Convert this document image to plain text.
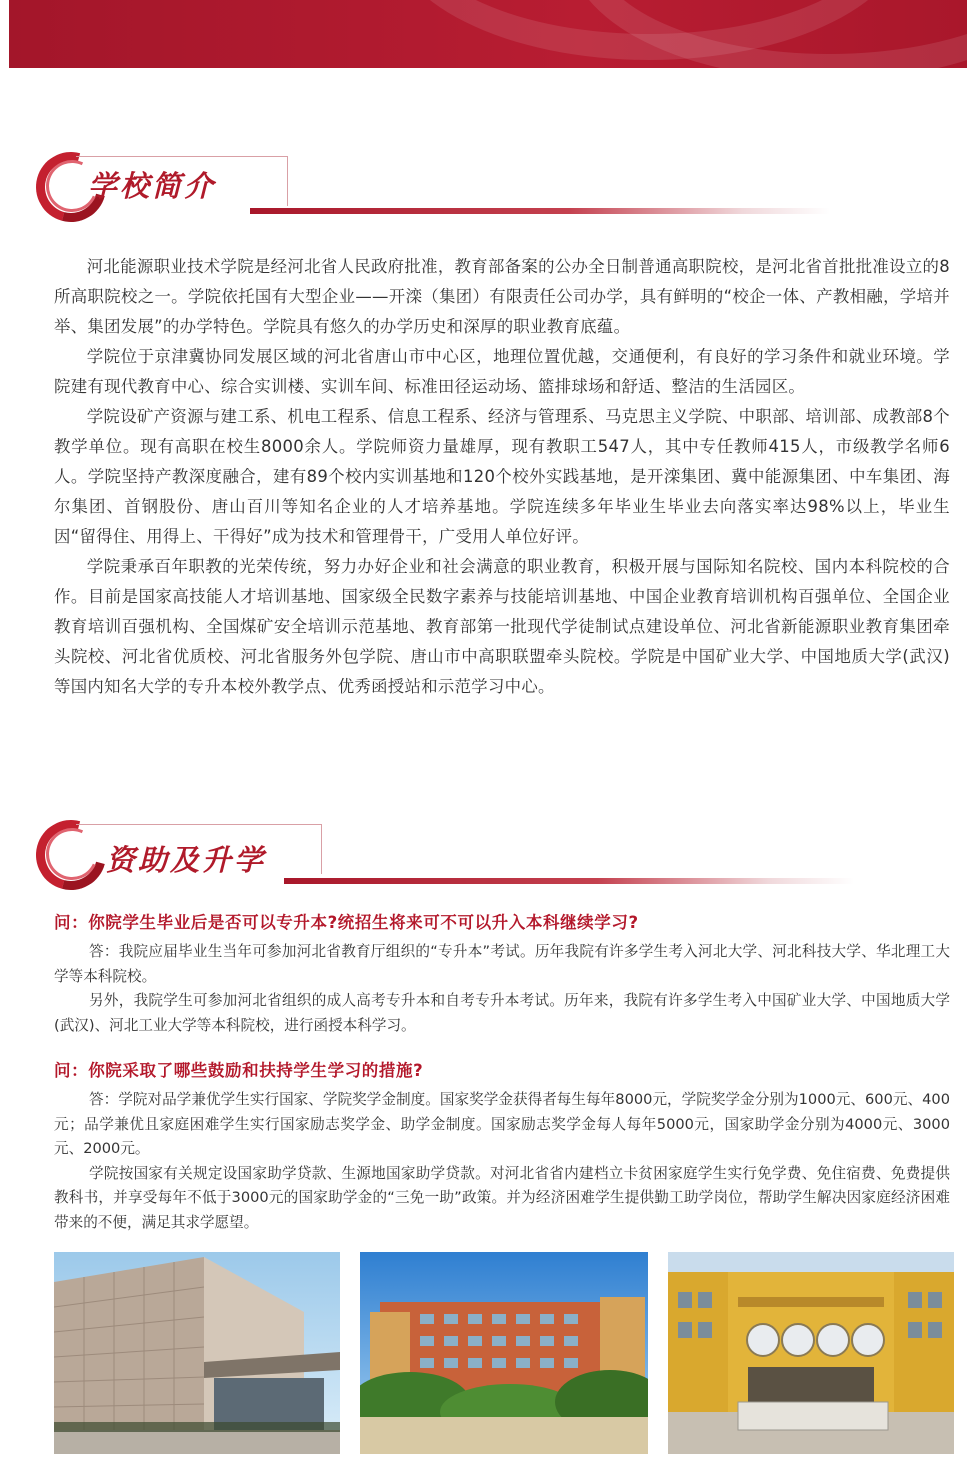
学校简介

河北能源职业技术学院是经河北省人民政府批准，教育部备案的公办全日制普通高职院校，是河北省首批批准设立的8所高职院校之一。学院依托国有大型企业——开滦（集团）有限责任公司办学，具有鲜明的“校企一体、产教相融，学培并举、集团发展”的办学特色。学院具有悠久的办学历史和深厚的职业教育底蕴。

学院位于京津冀协同发展区域的河北省唐山市中心区，地理位置优越，交通便利，有良好的学习条件和就业环境。学院建有现代教育中心、综合实训楼、实训车间、标准田径运动场、篮排球场和舒适、整洁的生活园区。

学院设矿产资源与建工系、机电工程系、信息工程系、经济与管理系、马克思主义学院、中职部、培训部、成教部8个教学单位。现有高职在校生8000余人。学院师资力量雄厚，现有教职工547人，其中专任教师415人，市级教学名师6人。学院坚持产教深度融合，建有89个校内实训基地和120个校外实践基地，是开滦集团、冀中能源集团、中车集团、海尔集团、首钢股份、唐山百川等知名企业的人才培养基地。学院连续多年毕业生毕业去向落实率达98%以上，毕业生因“留得住、用得上、干得好”成为技术和管理骨干，广受用人单位好评。

学院秉承百年职教的光荣传统，努力办好企业和社会满意的职业教育，积极开展与国际知名院校、国内本科院校的合作。目前是国家高技能人才培训基地、国家级全民数字素养与技能培训基地、中国企业教育培训机构百强单位、全国企业教育培训百强机构、全国煤矿安全培训示范基地、教育部第一批现代学徒制试点建设单位、河北省新能源职业教育集团牵头院校、河北省优质校、河北省服务外包学院、唐山市中高职联盟牵头院校。学院是中国矿业大学、中国地质大学(武汉)等国内知名大学的专升本校外教学点、优秀函授站和示范学习中心。

资助及升学
问：你院学生毕业后是否可以专升本?统招生将来可不可以升入本科继续学习?

答：我院应届毕业生当年可参加河北省教育厅组织的“专升本”考试。历年我院有许多学生考入河北大学、河北科技大学、华北理工大学等本科院校。

另外，我院学生可参加河北省组织的成人高考专升本和自考专升本考试。历年来，我院有许多学生考入中国矿业大学、中国地质大学(武汉)、河北工业大学等本科院校，进行函授本科学习。

问：你院采取了哪些鼓励和扶持学生学习的措施?

答：学院对品学兼优学生实行国家、学院奖学金制度。国家奖学金获得者每生每年8000元，学院奖学金分别为1000元、600元、400元；品学兼优且家庭困难学生实行国家励志奖学金、助学金制度。国家励志奖学金每人每年5000元，国家助学金分别为4000元、3000元、2000元。

学院按国家有关规定设国家助学贷款、生源地国家助学贷款。对河北省省内建档立卡贫困家庭学生实行免学费、免住宿费、免费提供教科书，并享受每年不低于3000元的国家助学金的“三免一助”政策。并为经济困难学生提供勤工助学岗位，帮助学生解决因家庭经济困难带来的不便，满足其求学愿望。
